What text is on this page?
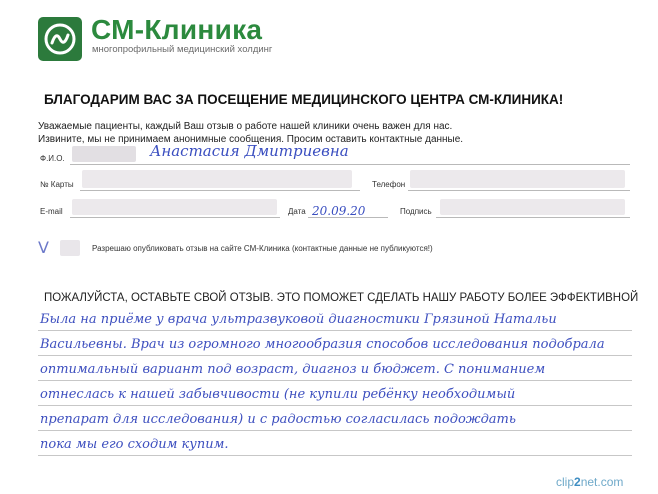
СМ-Клиника
многопрофильный медицинский холдинг
БЛАГОДАРИМ ВАС ЗА ПОСЕЩЕНИЕ МЕДИЦИНСКОГО ЦЕНТРА СМ-КЛИНИКА!
Уважаемые пациенты, каждый Ваш отзыв о работе нашей клиники очень важен для нас.
Извините, мы не принимаем анонимные сообщения. Просим оставить контактные данные.
Ф.И.О.	Анастасия Дмитриевна
№ Карты	Телефон
E-mail	Дата 20.09.20	Подпись
V	Разрешаю опубликовать отзыв на сайте СМ-Клиника (контактные данные не публикуются!)
ПОЖАЛУЙСТА, ОСТАВЬТЕ СВОЙ ОТЗЫВ. ЭТО ПОМОЖЕТ СДЕЛАТЬ НАШУ РАБОТУ БОЛЕЕ ЭФФЕКТИВНОЙ
Была на приёме у врача ультразвуковой диагностики Грязиной Натальи
Васильевны. Врач из огромного многообразия способов исследования подобрала
оптимальный вариант под возраст, диагноз и бюджет. С пониманием
отнеслась к нашей забывчивости (не купили ребёнку необходимый
препарат для исследования) и с радостью согласилась подождать
пока мы его сходим купим.
clip2net.com
